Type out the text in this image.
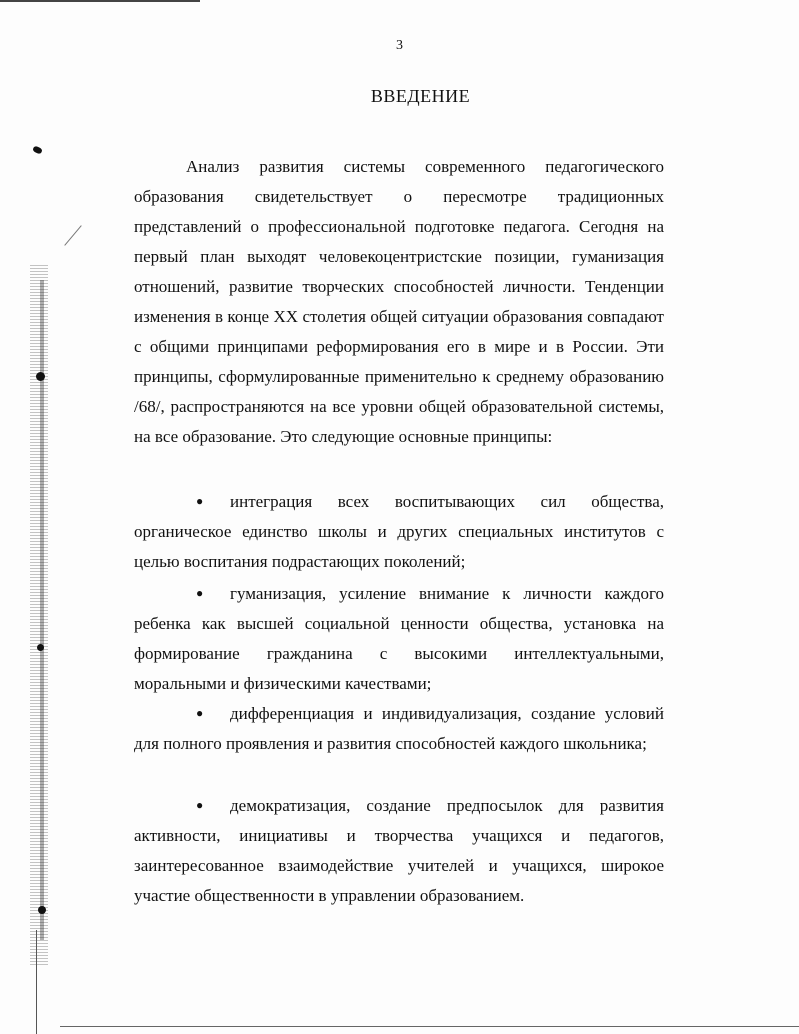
3
ВВЕДЕНИЕ
Анализ развития системы современного педагогического образования свидетельствует о пересмотре традиционных представлений о профессиональной подготовке педагога. Сегодня на первый план выходят человекоцентристские позиции, гуманизация отношений, развитие творческих способностей личности. Тенденции изменения в конце XX столетия общей ситуации образования совпадают с общими принципами реформирования его в мире и в России. Эти принципы, сформулированные применительно к среднему образованию /68/, распространяются на все уровни общей образовательной системы, на все образование. Это следующие основные принципы:
● интеграция всех воспитывающих сил общества, органическое единство школы и других специальных институтов с целью воспитания подрастающих поколений;
● гуманизация, усиление внимание к личности каждого ребенка как высшей социальной ценности общества, установка на формирование гражданина с высокими интеллектуальными, моральными и физическими качествами;
● дифференциация и индивидуализация, создание условий для полного проявления и развития способностей каждого школьника;
● демократизация, создание предпосылок для развития активности, инициативы и творчества учащихся и педагогов, заинтересованное взаимодействие учителей и учащихся, широкое участие общественности в управлении образованием.
